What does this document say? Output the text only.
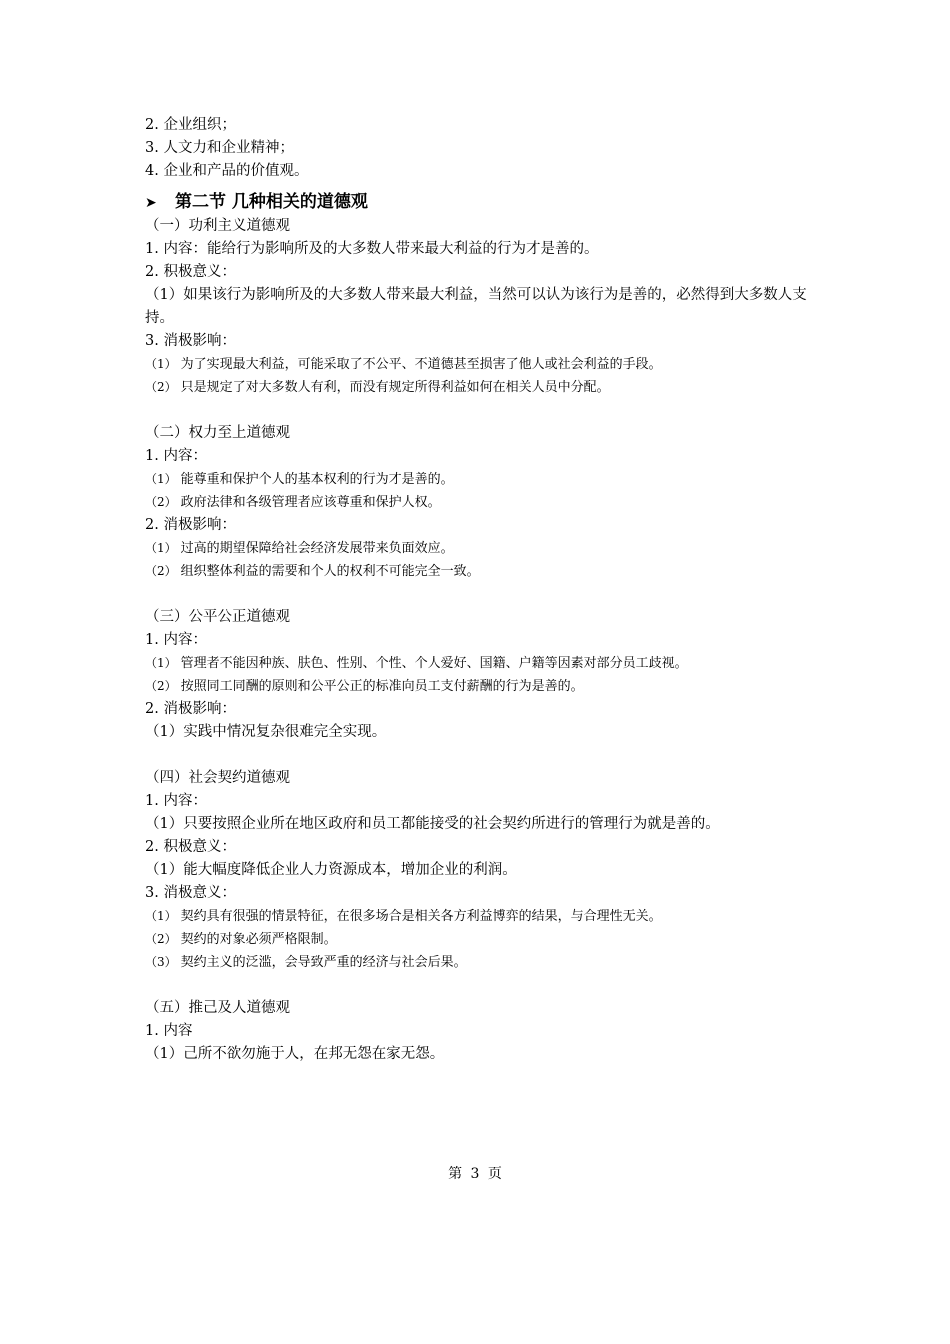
2. 企业组织；

3. 人文力和企业精神；

4. 企业和产品的价值观。

➤ 第二节 几种相关的道德观

（一）功利主义道德观

1. 内容：能给行为影响所及的大多数人带来最大利益的行为才是善的。

2. 积极意义：

（1）如果该行为影响所及的大多数人带来最大利益，当然可以认为该行为是善的，必然得到大多数人支持。

3. 消极影响：

（1） 为了实现最大利益，可能采取了不公平、不道德甚至损害了他人或社会利益的手段。

（2） 只是规定了对大多数人有利，而没有规定所得利益如何在相关人员中分配。

（二）权力至上道德观

1. 内容：

（1） 能尊重和保护个人的基本权利的行为才是善的。

（2） 政府法律和各级管理者应该尊重和保护人权。

2. 消极影响：

（1） 过高的期望保障给社会经济发展带来负面效应。

（2） 组织整体利益的需要和个人的权利不可能完全一致。

（三）公平公正道德观

1. 内容：

（1） 管理者不能因种族、肤色、性别、个性、个人爱好、国籍、户籍等因素对部分员工歧视。

（2） 按照同工同酬的原则和公平公正的标准向员工支付薪酬的行为是善的。

2. 消极影响：

（1）实践中情况复杂很难完全实现。

（四）社会契约道德观

1. 内容：

（1）只要按照企业所在地区政府和员工都能接受的社会契约所进行的管理行为就是善的。

2. 积极意义：

（1）能大幅度降低企业人力资源成本，增加企业的利润。

3. 消极意义：

（1） 契约具有很强的情景特征，在很多场合是相关各方利益博弈的结果，与合理性无关。

（2） 契约的对象必须严格限制。

（3） 契约主义的泛滥，会导致严重的经济与社会后果。

（五）推己及人道德观

1. 内容

（1）己所不欲勿施于人，在邦无怨在家无怨。

第 3 页
